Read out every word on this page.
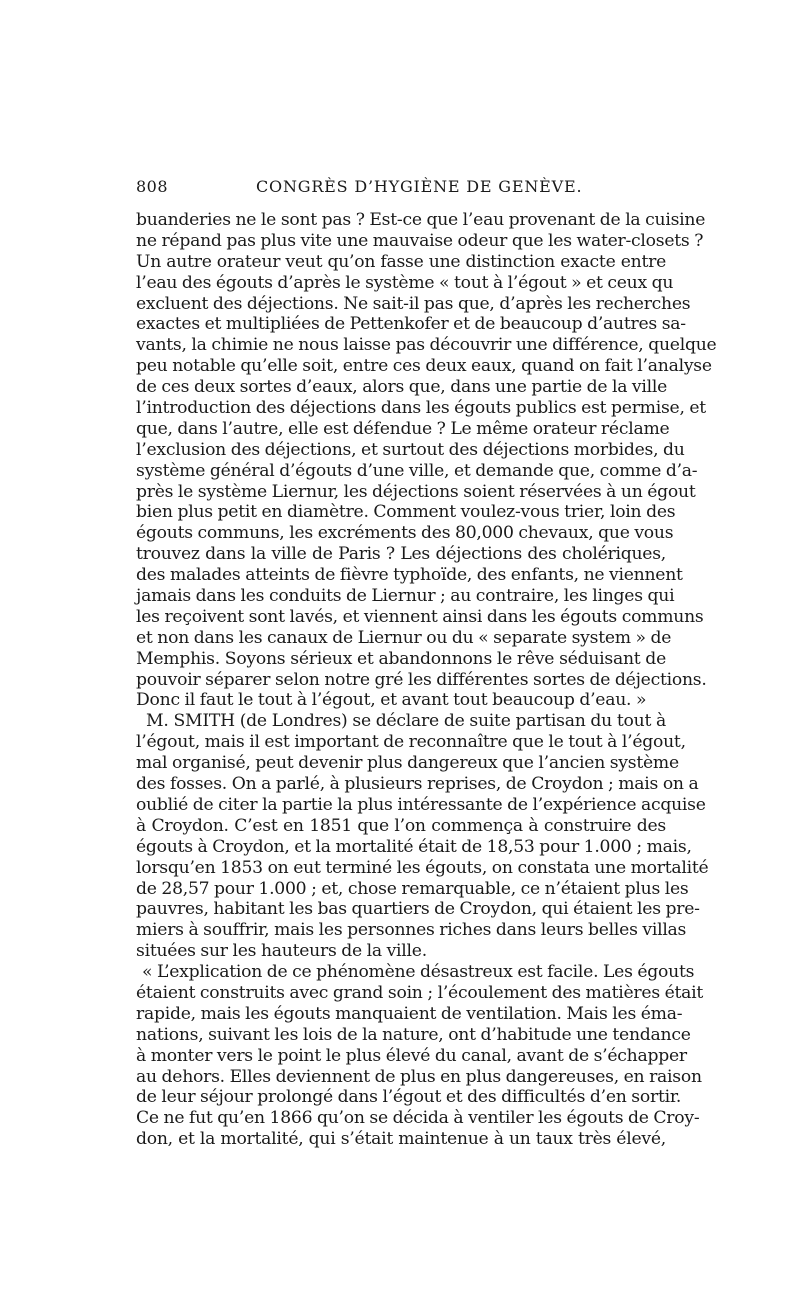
808	CONGRÈS D’HYGIÈNE DE GENÈVE.
buanderies ne le sont pas ? Est-ce que l’eau provenant de la cuisine
ne répand pas plus vite une mauvaise odeur que les water-closets ?
Un autre orateur veut qu’on fasse une distinction exacte entre
l’eau des égouts d’après le système « tout à l’égout » et ceux qu
excluent des déjections. Ne sait-il pas que, d’après les recherches
exactes et multipliées de Pettenkofer et de beaucoup d’autres sa-
vants, la chimie ne nous laisse pas découvrir une différence, quelque
peu notable qu’elle soit, entre ces deux eaux, quand on fait l’analyse
de ces deux sortes d’eaux, alors que, dans une partie de la ville
l’introduction des déjections dans les égouts publics est permise, et
que, dans l’autre, elle est défendue ? Le même orateur réclame
l’exclusion des déjections, et surtout des déjections morbides, du
système général d’égouts d’une ville, et demande que, comme d’a-
près le système Liernur, les déjections soient réservées à un égout
bien plus petit en diamètre. Comment voulez-vous trier, loin des
égouts communs, les excréments des 80,000 chevaux, que vous
trouvez dans la ville de Paris ? Les déjections des cholériques,
des malades atteints de fièvre typhoïde, des enfants, ne viennent
jamais dans les conduits de Liernur ; au contraire, les linges qui
les reçoivent sont lavés, et viennent ainsi dans les égouts communs
et non dans les canaux de Liernur ou du « separate system » de
Memphis. Soyons sérieux et abandonnons le rêve séduisant de
pouvoir séparer selon notre gré les différentes sortes de déjections.
Donc il faut le tout à l’égout, et avant tout beaucoup d’eau. »
M. SMITH (de Londres) se déclare de suite partisan du tout à
l’égout, mais il est important de reconnaître que le tout à l’égout,
mal organisé, peut devenir plus dangereux que l’ancien système
des fosses. On a parlé, à plusieurs reprises, de Croydon ; mais on a
oublié de citer la partie la plus intéressante de l’expérience acquise
à Croydon. C’est en 1851 que l’on commença à construire des
égouts à Croydon, et la mortalité était de 18,53 pour 1.000 ; mais,
lorsqu’en 1853 on eut terminé les égouts, on constata une mortalité
de 28,57 pour 1.000 ; et, chose remarquable, ce n’étaient plus les
pauvres, habitant les bas quartiers de Croydon, qui étaient les pre-
miers à souffrir, mais les personnes riches dans leurs belles villas
situées sur les hauteurs de la ville.
« L’explication de ce phénomène désastreux est facile. Les égouts
étaient construits avec grand soin ; l’écoulement des matières était
rapide, mais les égouts manquaient de ventilation. Mais les éma-
nations, suivant les lois de la nature, ont d’habitude une tendance
à monter vers le point le plus élevé du canal, avant de s’échapper
au dehors. Elles deviennent de plus en plus dangereuses, en raison
de leur séjour prolongé dans l’égout et des difficultés d’en sortir.
Ce ne fut qu’en 1866 qu’on se décida à ventiler les égouts de Croy-
don, et la mortalité, qui s’était maintenue à un taux très élevé,
